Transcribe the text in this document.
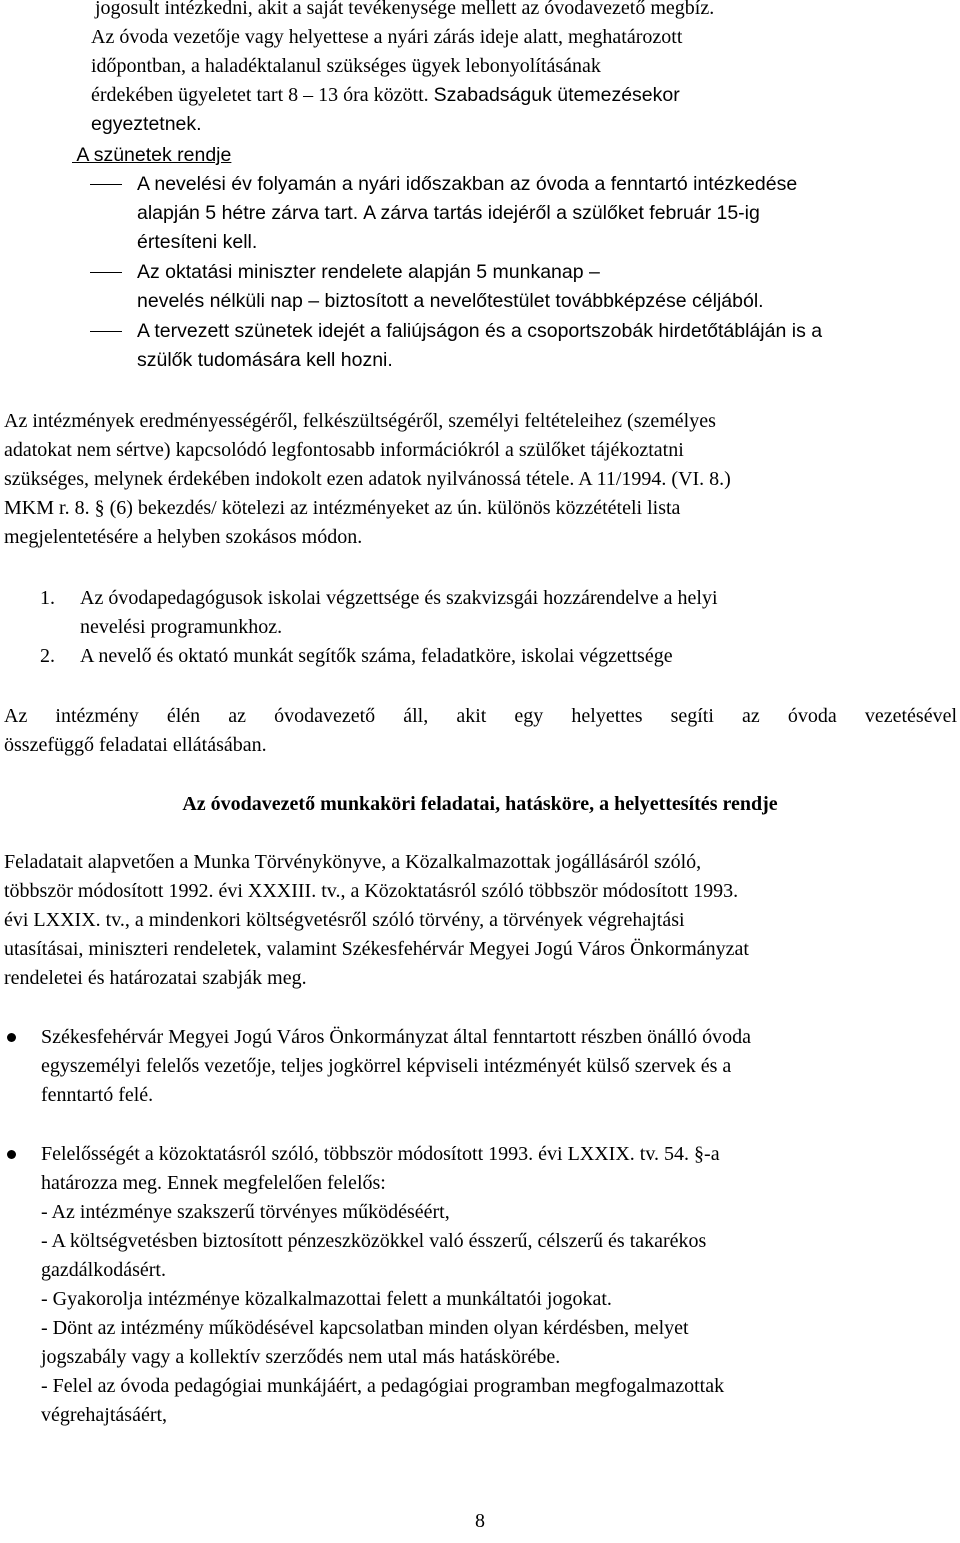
jogosult intézkedni, akit a saját tevékenysége mellett az óvodavezető megbíz.
Az óvoda vezetője vagy helyettese a nyári zárás ideje alatt, meghatározott
időpontban, a haladéktalanul szükséges ügyek lebonyolításának
érdekében ügyeletet tart 8 – 13 óra között. Szabadságuk ütemezésekor
egyeztetnek.
A szünetek rendje
A nevelési év folyamán a nyári időszakban az óvoda a fenntartó intézkedése
alapján 5 hétre zárva tart. A zárva tartás idejéről a szülőket február 15-ig
értesíteni kell.
Az oktatási miniszter rendelete alapján 5 munkanap –
nevelés nélküli nap – biztosított a nevelőtestület továbbképzése céljából.
A tervezett szünetek idejét a faliújságon és a csoportszobák hirdetőtábláján is a
szülők tudomására kell hozni.
Az intézmények eredményességéről, felkészültségéről, személyi feltételeihez (személyes
adatokat nem sértve) kapcsolódó legfontosabb információkról a szülőket tájékoztatni
szükséges, melynek érdekében indokolt ezen adatok nyilvánossá tétele. A 11/1994. (VI. 8.)
MKM r. 8. § (6) bekezdés/ kötelezi az intézményeket az ún. különös közzétételi lista
megjelentetésére a helyben szokásos módon.
1. Az óvodapedagógusok iskolai végzettsége és szakvizsgái hozzárendelve a helyi
nevelési programunkhoz.
2. A nevelő és oktató munkát segítők száma, feladatköre, iskolai végzettsége
Az intézmény élén az óvodavezető áll, akit egy helyettes segíti az óvoda vezetésével
összefüggő feladatai ellátásában.
Az óvodavezető munkaköri feladatai, hatásköre, a helyettesítés rendje
Feladatait alapvetően a Munka Törvénykönyve, a Közalkalmazottak jogállásáról szóló,
többször módosított 1992. évi XXXIII. tv., a Közoktatásról szóló többször módosított 1993.
évi LXXIX. tv., a mindenkori költségvetésről szóló törvény, a törvények végrehajtási
utasításai, miniszteri rendeletek, valamint Székesfehérvár Megyei Jogú Város Önkormányzat
rendeletei és határozatai szabják meg.
Székesfehérvár Megyei Jogú Város Önkormányzat által fenntartott részben önálló óvoda
egyszemélyi felelős vezetője, teljes jogkörrel képviseli intézményét külső szervek és a
fenntartó felé.
Felelősségét a közoktatásról szóló, többször módosított 1993. évi LXXIX. tv. 54. §-a
határozza meg. Ennek megfelelően felelős:
- Az intézménye szakszerű törvényes működéséért,
- A költségvetésben biztosított pénzeszközökkel való ésszerű, célszerű és takarékos
gazdálkodásért.
- Gyakorolja intézménye közalkalmazottai felett a munkáltatói jogokat.
- Dönt az intézmény működésével kapcsolatban minden olyan kérdésben, melyet
jogszabály vagy a kollektív szerződés nem utal más hatáskörébe.
- Felel az óvoda pedagógiai munkájáért, a pedagógiai programban megfogalmazottak
végrehajtásáért,
8
